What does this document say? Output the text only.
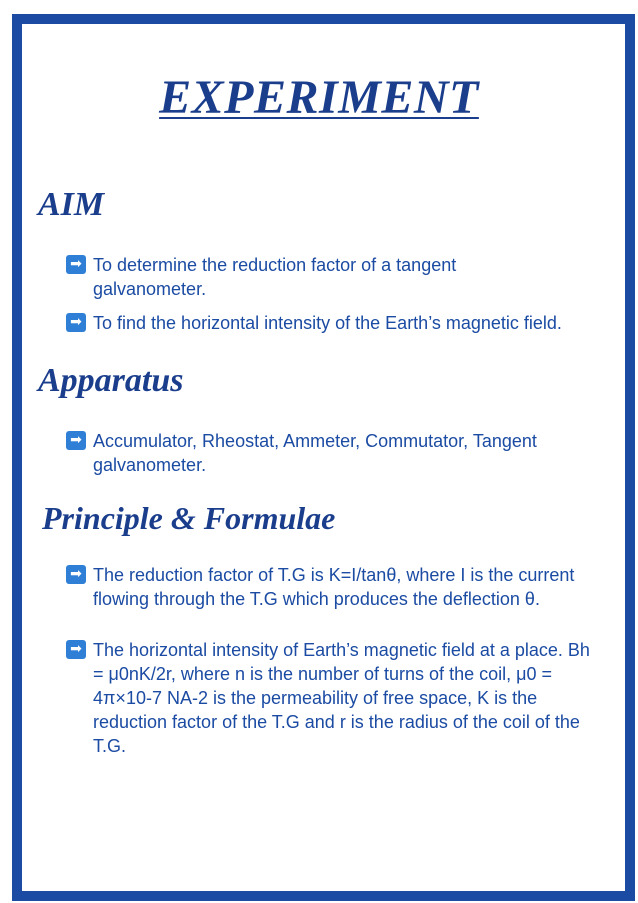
EXPERIMENT
AIM
➡ To determine the reduction factor of a tangent galvanometer.

➡ To find the horizontal intensity of the Earth’s magnetic field.

Apparatus
➡ Accumulator, Rheostat, Ammeter, Commutator, Tangent galvanometer.

Principle & Formulae
➡ The reduction factor of T.G is K=I/tanθ, where I is the current flowing through the T.G which produces the deflection θ.

➡ The horizontal intensity of Earth’s magnetic field at a place. Bh = μ0nK/2r, where n is the number of turns of the coil, μ0 = 4π×10-7 NA-2 is the permeability of free space, K is the reduction factor of the T.G and r is the radius of the coil of the T.G.
